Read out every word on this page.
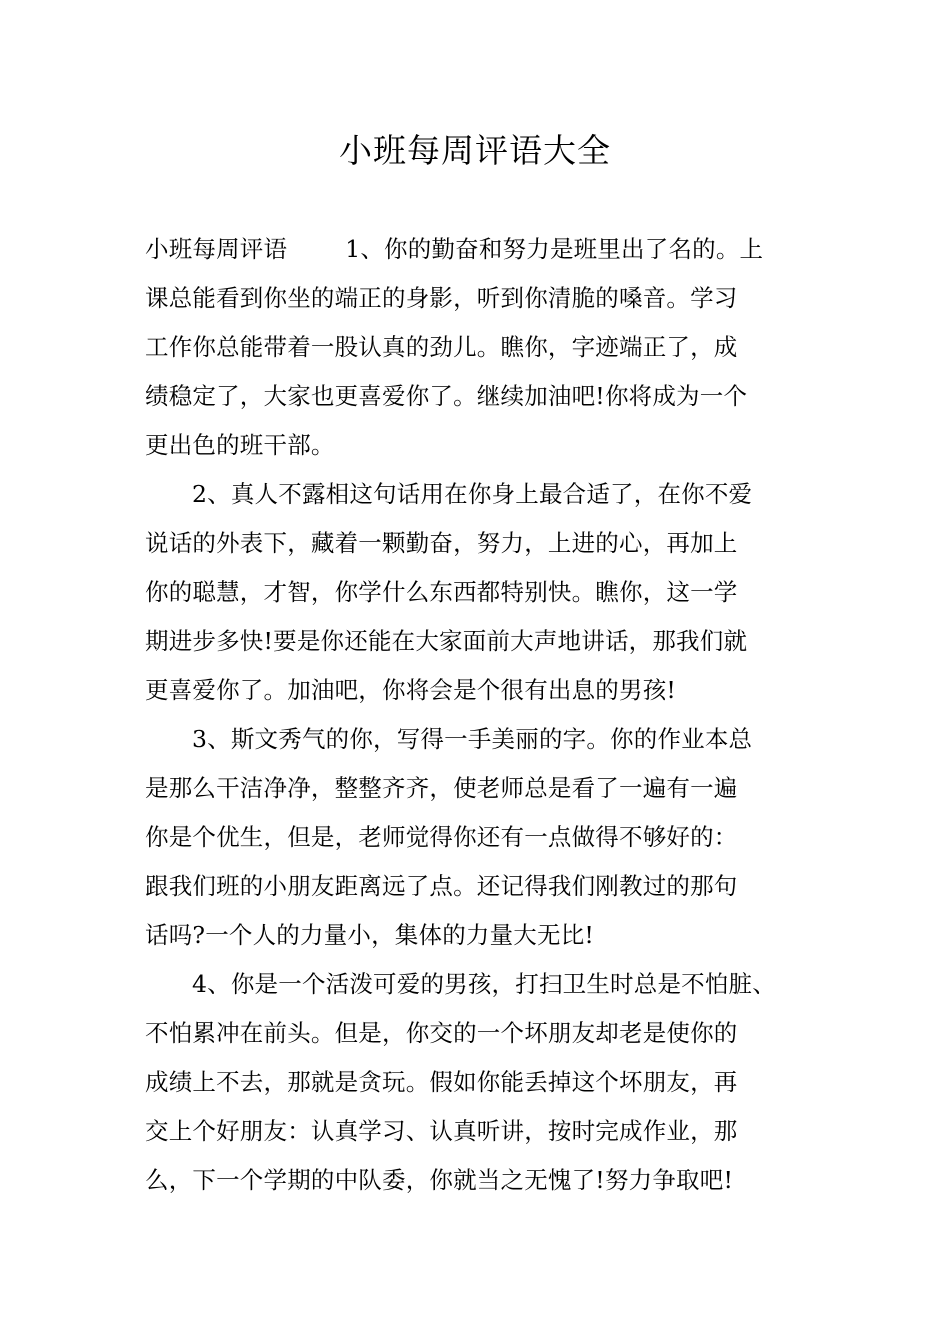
小班每周评语大全
小班每周评语 1、你的勤奋和努力是班里出了名的。上
课总能看到你坐的端正的身影，听到你清脆的嗓音。学习
工作你总能带着一股认真的劲儿。瞧你，字迹端正了，成
绩稳定了，大家也更喜爱你了。继续加油吧!你将成为一个
更出色的班干部。
2、真人不露相这句话用在你身上最合适了，在你不爱
说话的外表下，藏着一颗勤奋，努力，上进的心，再加上
你的聪慧，才智，你学什么东西都特别快。瞧你，这一学
期进步多快!要是你还能在大家面前大声地讲话，那我们就
更喜爱你了。加油吧，你将会是个很有出息的男孩!
3、斯文秀气的你，写得一手美丽的字。你的作业本总
是那么干洁净净，整整齐齐，使老师总是看了一遍有一遍
你是个优生，但是，老师觉得你还有一点做得不够好的：
跟我们班的小朋友距离远了点。还记得我们刚教过的那句
话吗?一个人的力量小，集体的力量大无比!
4、你是一个活泼可爱的男孩，打扫卫生时总是不怕脏、
不怕累冲在前头。但是，你交的一个坏朋友却老是使你的
成绩上不去，那就是贪玩。假如你能丢掉这个坏朋友，再
交上个好朋友：认真学习、认真听讲，按时完成作业，那
么，下一个学期的中队委，你就当之无愧了!努力争取吧!
